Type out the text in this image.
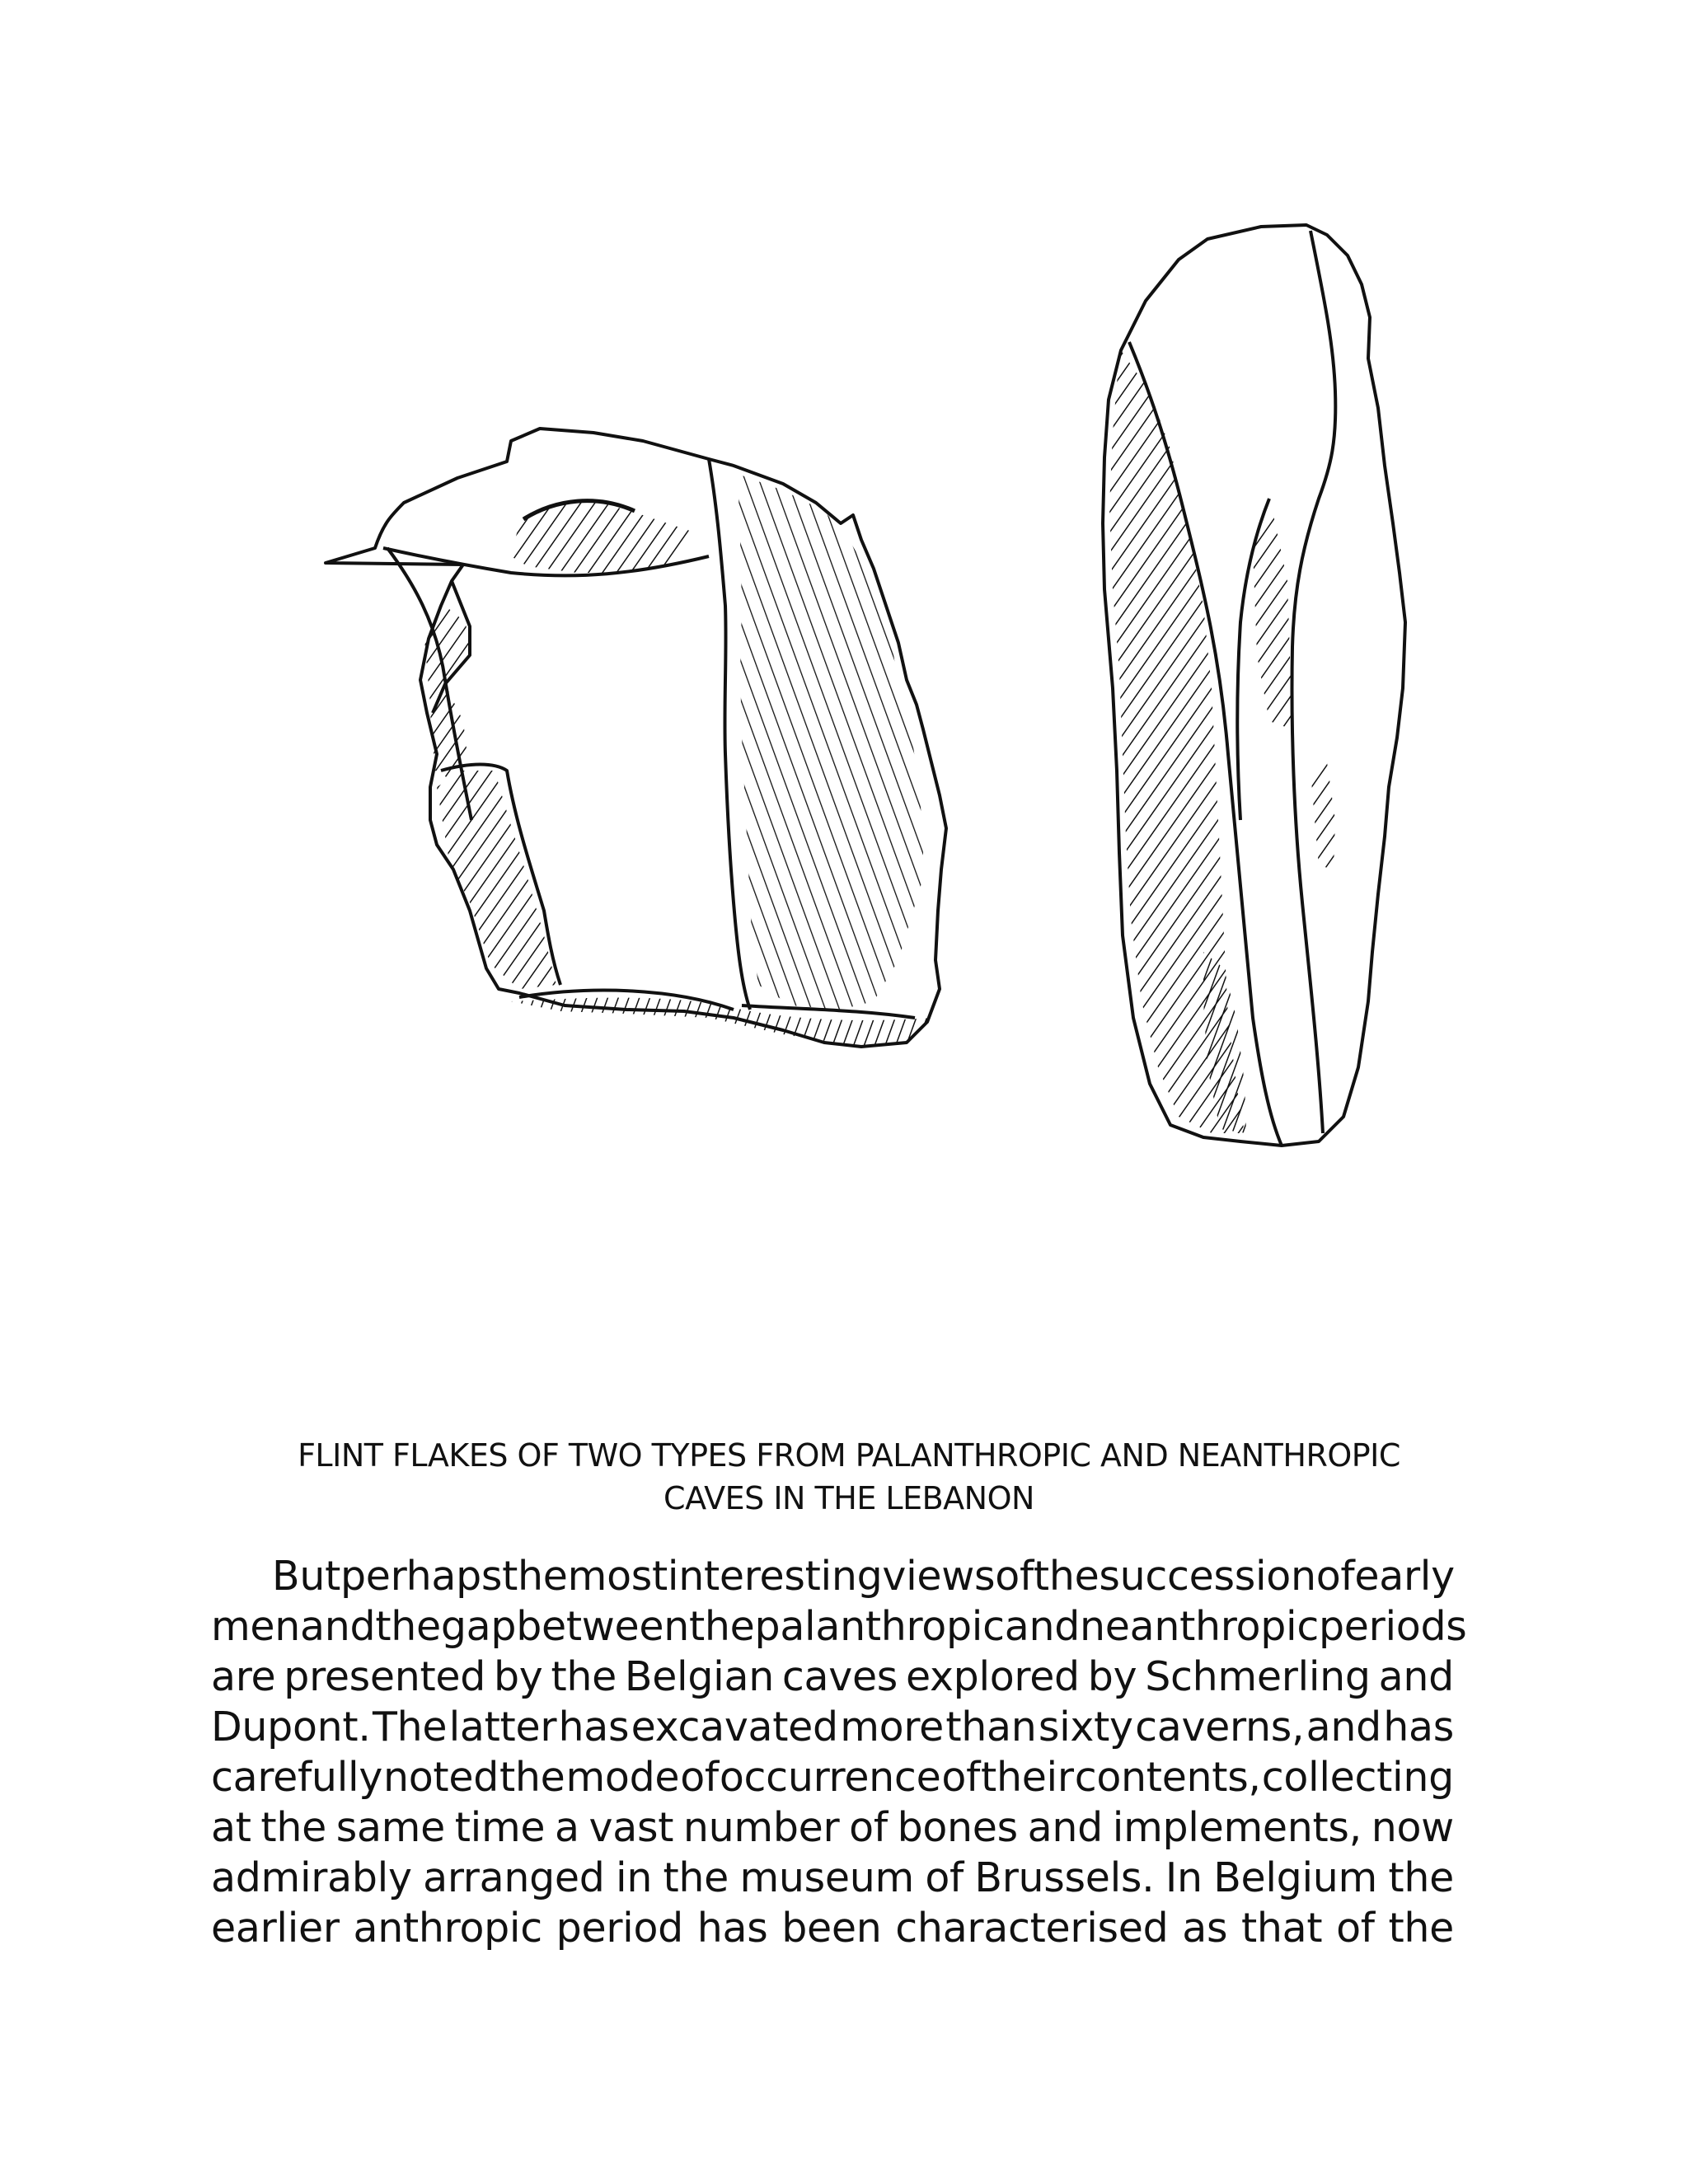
FLINT FLAKES OF TWO TYPES FROM PALANTHROPIC AND NEANTHROPIC
CAVES IN THE LEBANON
But perhaps the most interesting views of the succession of early
men and the gap between the palanthropic and neanthropic periods
are presented by the Belgian caves explored by Schmerling and
Dupont. The latter has excavated more than sixty caverns, and has
carefully noted the mode of occurrence of their contents, collecting
at the same time a vast number of bones and implements, now
admirably arranged in the museum of Brussels. In Belgium the
earlier anthropic period has been characterised as that of the
